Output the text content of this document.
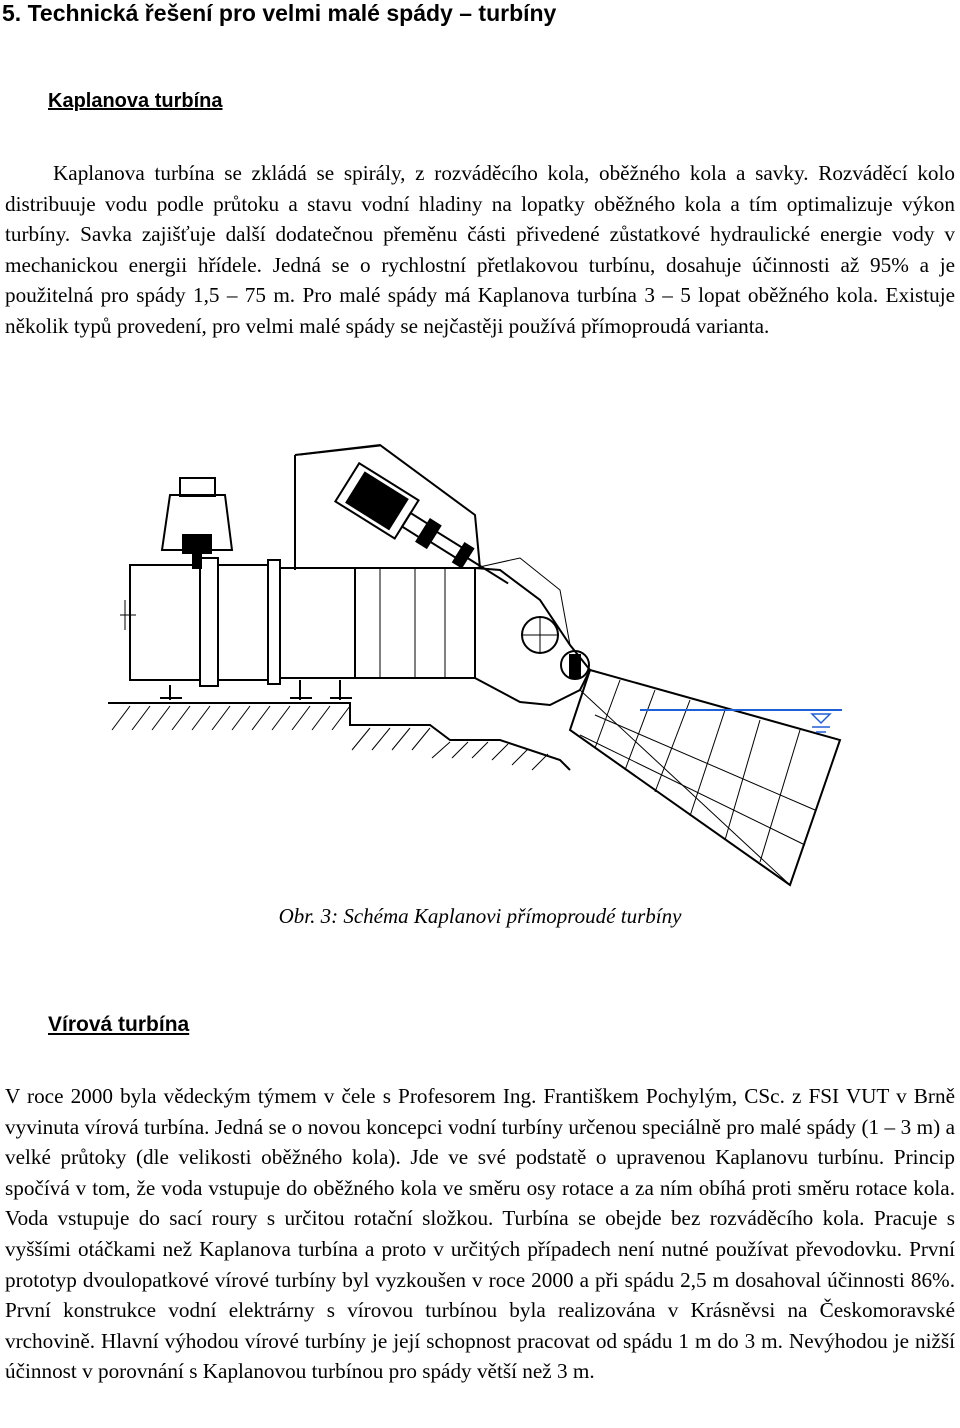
5. Technická řešení pro velmi malé spády – turbíny
Kaplanova turbína

Kaplanova turbína se zkládá se spirály, z rozváděcího kola, oběžného kola a savky. Rozváděcí kolo distribuuje vodu podle průtoku a stavu vodní hladiny na lopatky oběžného kola a tím optimalizuje výkon turbíny. Savka zajišťuje další dodatečnou přeměnu části přivedené zůstatkové hydraulické energie vody v mechanickou energii hřídele. Jedná se o rychlostní přetlakovou turbínu, dosahuje účinnosti až 95% a je použitelná pro spády 1,5 – 75 m. Pro malé spády má Kaplanova turbína 3 – 5 lopat oběžného kola. Existuje několik typů provedení, pro velmi malé spády se nejčastěji používá přímoproudá varianta.

Obr. 3: Schéma Kaplanovi přímoproudé turbíny

Vírová turbína

V roce 2000 byla vědeckým týmem v čele s Profesorem Ing. Františkem Pochylým, CSc. z FSI VUT v Brně vyvinuta vírová turbína. Jedná se o novou koncepci vodní turbíny určenou speciálně pro malé spády (1 – 3 m) a velké průtoky (dle velikosti oběžného kola). Jde ve své podstatě o upravenou Kaplanovu turbínu. Princip spočívá v tom, že voda vstupuje do oběžného kola ve směru osy rotace a za ním obíhá proti směru rotace kola. Voda vstupuje do sací roury s určitou rotační složkou. Turbína se obejde bez rozváděcího kola. Pracuje s vyššími otáčkami než Kaplanova turbína a proto v určitých případech není nutné používat převodovku. První prototyp dvoulopatkové vírové turbíny byl vyzkoušen v roce 2000 a při spádu 2,5 m dosahoval účinnosti 86%. První konstrukce vodní elektrárny s vírovou turbínou byla realizována v Krásněvsi na Českomoravské vrchovině. Hlavní výhodou vírové turbíny je její schopnost pracovat od spádu 1 m do 3 m. Nevýhodou je nižší účinnost v porovnání s Kaplanovou turbínou pro spády větší než 3 m.
